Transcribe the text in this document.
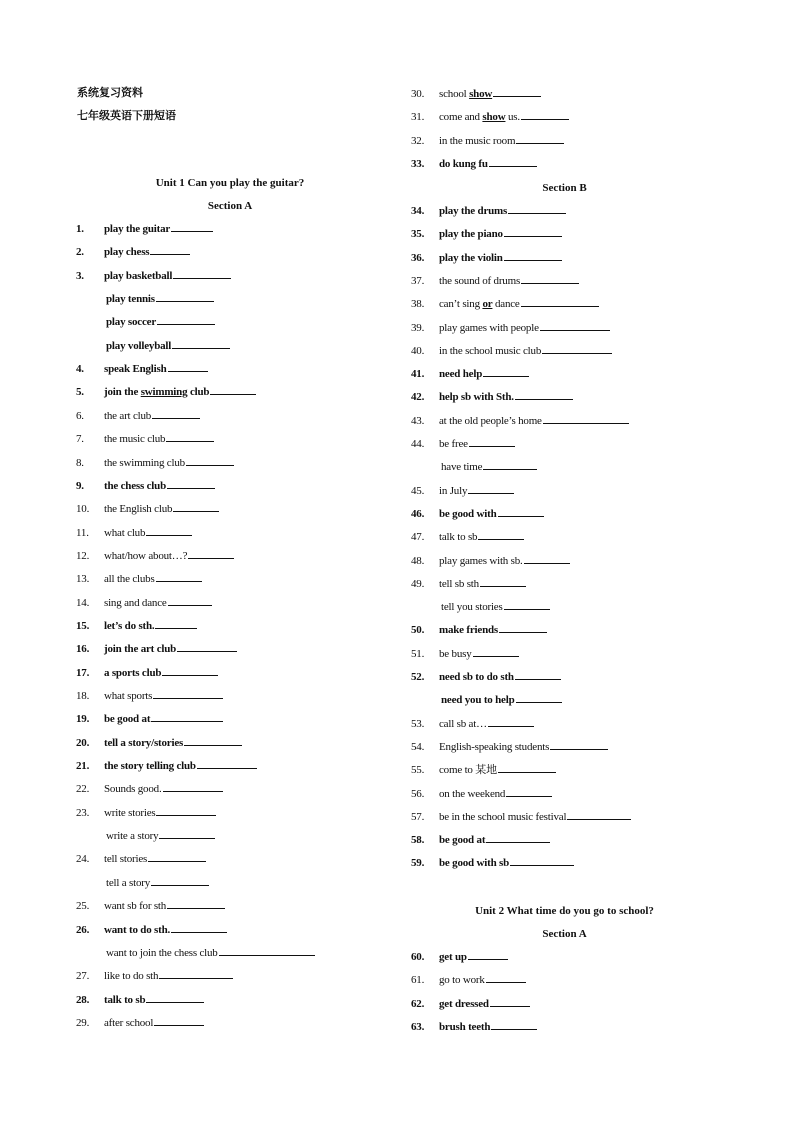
系统复习资料
七年级英语下册短语
Unit 1 Can you play the guitar?
Section A
1. play the guitar
2. play chess
3. play basketball
play tennis
play soccer
play volleyball
4. speak English
5. join the swimming club
6. the art club
7. the music club
8. the swimming club
9. the chess club
10. the English club
11. what club
12. what/how about…?
13. all the clubs
14. sing and dance
15. let’s do sth.
16. join the art club
17. a sports club
18. what sports
19. be good at
20. tell a story/stories
21. the story telling club
22. Sounds good.
23. write stories
write a story
24. tell stories
tell a story
25. want sb for sth
26. want to do sth.
want to join the chess club
27. like to do sth
28. talk to sb
29. after school
30. school show
31. come and show us.
32. in the music room
33. do kung fu
Section B
34. play the drums
35. play the piano
36. play the violin
37. the sound of drums
38. can’t sing or dance
39. play games with people
40. in the school music club
41. need help
42. help sb with Sth.
43. at the old people’s home
44. be free
have time
45. in July
46. be good with
47. talk to sb
48. play games with sb.
49. tell sb sth
tell you stories
50. make friends
51. be busy
52. need sb to do sth
need you to help
53. call sb at…
54. English-speaking students
55. come to 某地
56. on the weekend
57. be in the school music festival
58. be good at
59. be good with sb
Unit 2 What time do you go to school?
Section A
60. get up
61. go to work
62. get dressed
63. brush teeth
